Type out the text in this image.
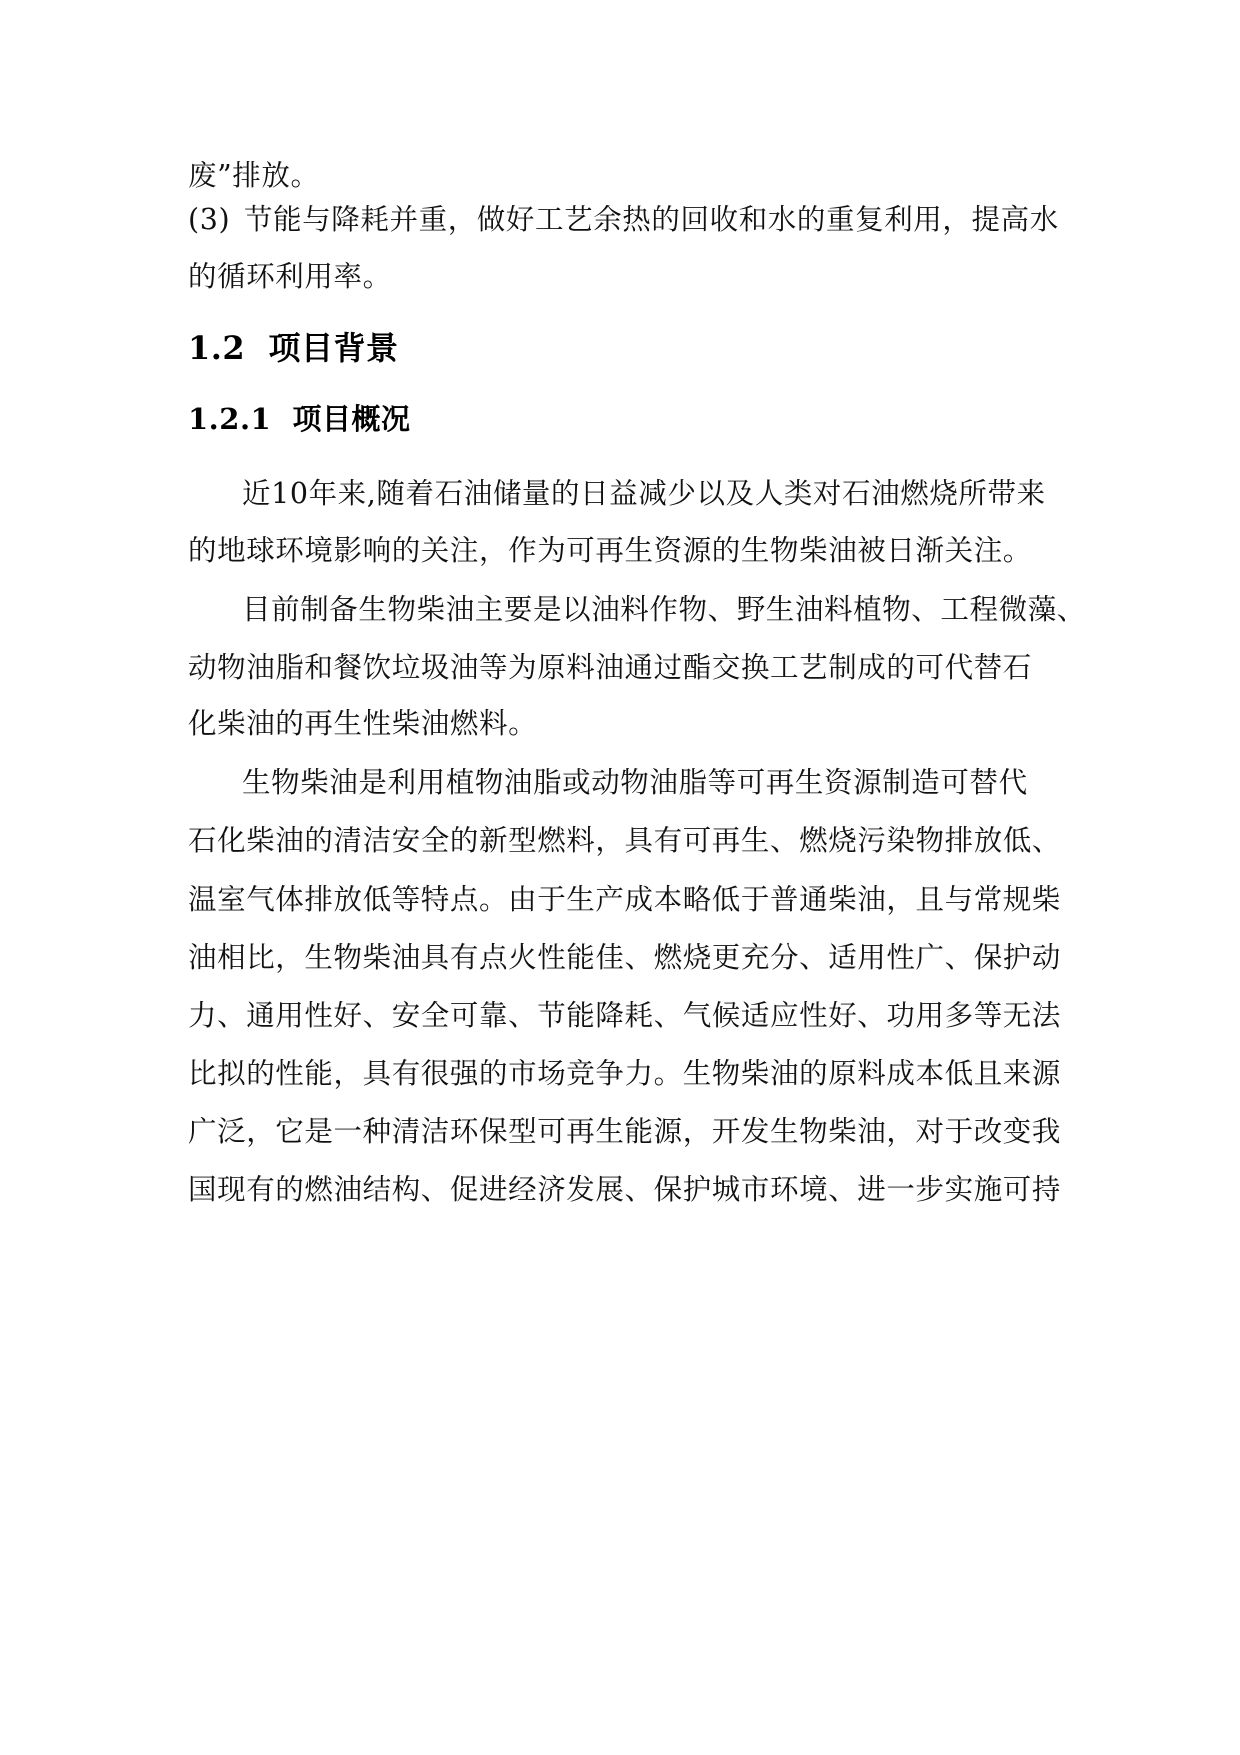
废”排放。
(3) 节能与降耗并重，做好工艺余热的回收和水的重复利用，提高水
的循环利用率。
1.2 项目背景
1.2.1 项目概况
近10年来,随着石油储量的日益减少以及人类对石油燃烧所带来
的地球环境影响的关注，作为可再生资源的生物柴油被日渐关注。
目前制备生物柴油主要是以油料作物、野生油料植物、工程微藻、
动物油脂和餐饮垃圾油等为原料油通过酯交换工艺制成的可代替石
化柴油的再生性柴油燃料。
生物柴油是利用植物油脂或动物油脂等可再生资源制造可替代
石化柴油的清洁安全的新型燃料，具有可再生、燃烧污染物排放低、
温室气体排放低等特点。由于生产成本略低于普通柴油，且与常规柴
油相比，生物柴油具有点火性能佳、燃烧更充分、适用性广、保护动
力、通用性好、安全可靠、节能降耗、气候适应性好、功用多等无法
比拟的性能，具有很强的市场竞争力。生物柴油的原料成本低且来源
广泛，它是一种清洁环保型可再生能源，开发生物柴油，对于改变我
国现有的燃油结构、促进经济发展、保护城市环境、进一步实施可持
